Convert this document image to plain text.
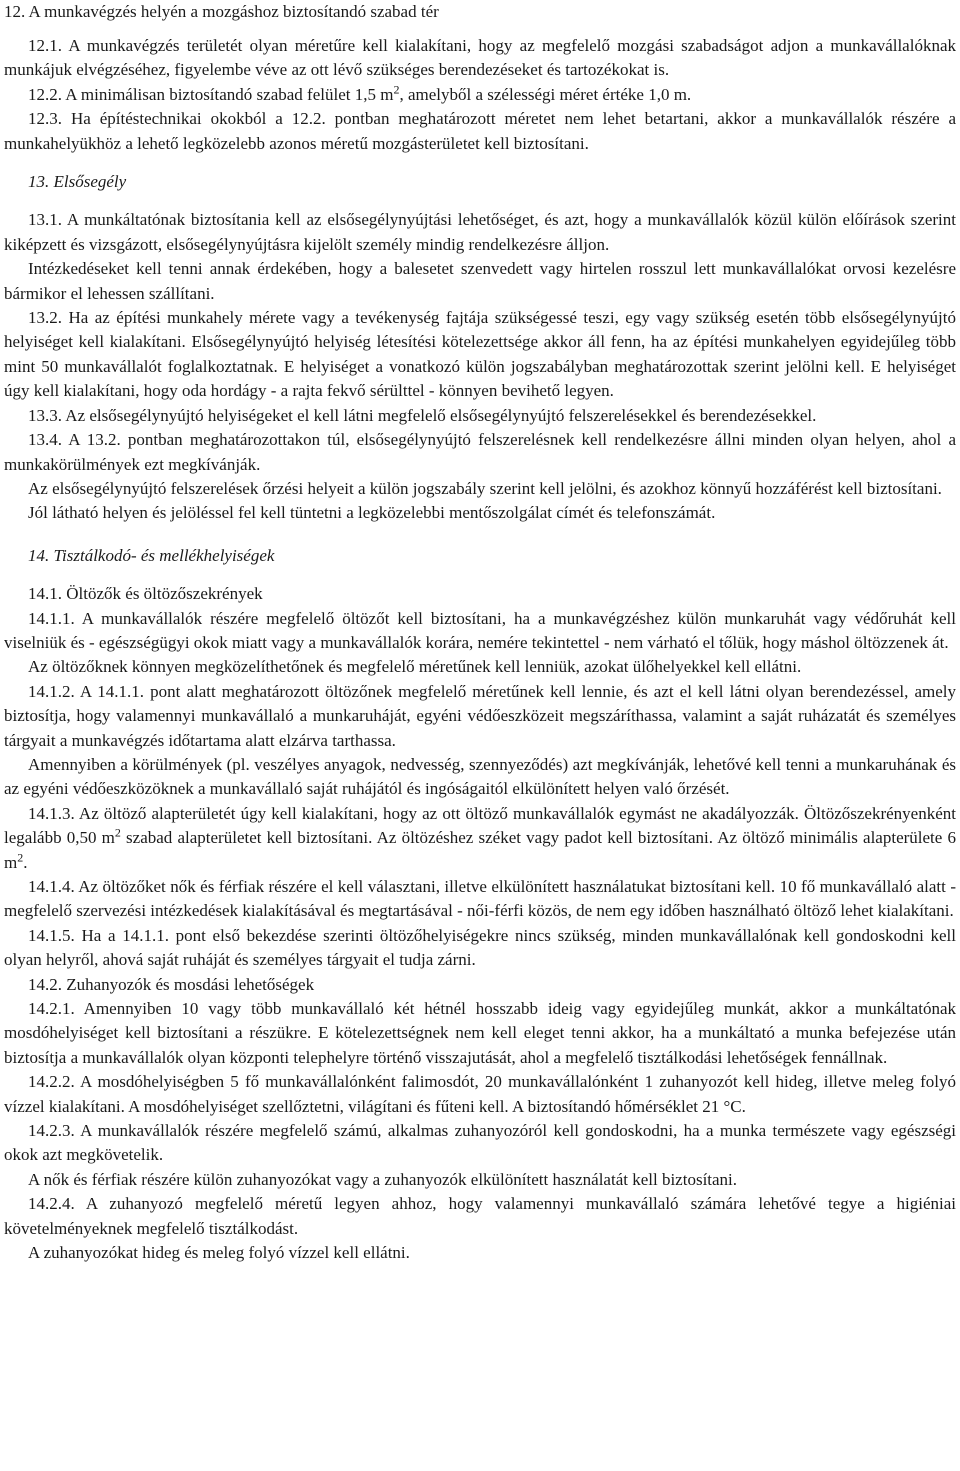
12. A munkavégzés helyén a mozgáshoz biztosítandó szabad tér

12.1. A munkavégzés területét olyan méretűre kell kialakítani, hogy az megfelelő mozgási szabadságot adjon a munkavállalóknak munkájuk elvégzéséhez, figyelembe véve az ott lévő szükséges berendezéseket és tartozékokat is.

12.2. A minimálisan biztosítandó szabad felület 1,5 $m^2$, amelyből a szélességi méret értéke 1,0 m.

12.3. Ha építéstechnikai okokból a 12.2. pontban meghatározott méretet nem lehet betartani, akkor a munkavállalók részére a munkahelyükhöz a lehető legközelebb azonos méretű mozgásterületet kell biztosítani.

13. Elsősegély

13.1. A munkáltatónak biztosítania kell az elsősegélynyújtási lehetőséget, és azt, hogy a munkavállalók közül külön előírások szerint kiképzett és vizsgázott, elsősegélynyújtásra kijelölt személy mindig rendelkezésre álljon.

Intézkedéseket kell tenni annak érdekében, hogy a balesetet szenvedett vagy hirtelen rosszul lett munkavállalókat orvosi kezelésre bármikor el lehessen szállítani.

13.2. Ha az építési munkahely mérete vagy a tevékenység fajtája szükségessé teszi, egy vagy szükség esetén több elsősegélynyújtó helyiséget kell kialakítani. Elsősegélynyújtó helyiség létesítési kötelezettsége akkor áll fenn, ha az építési munkahelyen egyidejűleg több mint 50 munkavállalót foglalkoztatnak. E helyiséget a vonatkozó külön jogszabályban meghatározottak szerint jelölni kell. E helyiséget úgy kell kialakítani, hogy oda hordágy - a rajta fekvő sérülttel - könnyen bevihető legyen.

13.3. Az elsősegélynyújtó helyiségeket el kell látni megfelelő elsősegélynyújtó felszerelésekkel és berendezésekkel.

13.4. A 13.2. pontban meghatározottakon túl, elsősegélynyújtó felszerelésnek kell rendelkezésre állni minden olyan helyen, ahol a munkakörülmények ezt megkívánják.

Az elsősegélynyújtó felszerelések őrzési helyeit a külön jogszabály szerint kell jelölni, és azokhoz könnyű hozzáférést kell biztosítani.

Jól látható helyen és jelöléssel fel kell tüntetni a legközelebbi mentőszolgálat címét és telefonszámát.

14. Tisztálkodó- és mellékhelyiségek

14.1. Öltözők és öltözőszekrények

14.1.1. A munkavállalók részére megfelelő öltözőt kell biztosítani, ha a munkavégzéshez külön munkaruhát vagy védőruhát kell viselniük és - egészségügyi okok miatt vagy a munkavállalók korára, nemére tekintettel - nem várható el tőlük, hogy máshol öltözzenek át.

Az öltözőknek könnyen megközelíthetőnek és megfelelő méretűnek kell lenniük, azokat ülőhelyekkel kell ellátni.

14.1.2. A 14.1.1. pont alatt meghatározott öltözőnek megfelelő méretűnek kell lennie, és azt el kell látni olyan berendezéssel, amely biztosítja, hogy valamennyi munkavállaló a munkaruháját, egyéni védőeszközeit megszáríthassa, valamint a saját ruházatát és személyes tárgyait a munkavégzés időtartama alatt elzárva tarthassa.

Amennyiben a körülmények (pl. veszélyes anyagok, nedvesség, szennyeződés) azt megkívánják, lehetővé kell tenni a munkaruhának és az egyéni védőeszközöknek a munkavállaló saját ruhájától és ingóságaitól elkülönített helyen való őrzését.

14.1.3. Az öltöző alapterületét úgy kell kialakítani, hogy az ott öltöző munkavállalók egymást ne akadályozzák. Öltözőszekrényenként legalább 0,50 $m^2$ szabad alapterületet kell biztosítani. Az öltözéshez széket vagy padot kell biztosítani. Az öltöző minimális alapterülete 6 $m^2$.

14.1.4. Az öltözőket nők és férfiak részére el kell választani, illetve elkülönített használatukat biztosítani kell. 10 fő munkavállaló alatt - megfelelő szervezési intézkedések kialakításával és megtartásával - női-férfi közös, de nem egy időben használható öltöző lehet kialakítani.

14.1.5. Ha a 14.1.1. pont első bekezdése szerinti öltözőhelyiségekre nincs szükség, minden munkavállalónak kell gondoskodni kell olyan helyről, ahová saját ruháját és személyes tárgyait el tudja zárni.

14.2. Zuhanyozók és mosdási lehetőségek

14.2.1. Amennyiben 10 vagy több munkavállaló két hétnél hosszabb ideig vagy egyidejűleg munkát, akkor a munkáltatónak mosdóhelyiséget kell biztosítani a részükre. E kötelezettségnek nem kell eleget tenni akkor, ha a munkáltató a munka befejezése után biztosítja a munkavállalók olyan központi telephelyre történő visszajutását, ahol a megfelelő tisztálkodási lehetőségek fennállnak.

14.2.2. A mosdóhelyiségben 5 fő munkavállalónként falimosdót, 20 munkavállalónként 1 zuhanyozót kell hideg, illetve meleg folyó vízzel kialakítani. A mosdóhelyiséget szellőztetni, világítani és fűteni kell. A biztosítandó hőmérséklet 21 °C.

14.2.3. A munkavállalók részére megfelelő számú, alkalmas zuhanyozóról kell gondoskodni, ha a munka természete vagy egészségi okok azt megkövetelik.

A nők és férfiak részére külön zuhanyozókat vagy a zuhanyozók elkülönített használatát kell biztosítani.

14.2.4. A zuhanyozó megfelelő méretű legyen ahhoz, hogy valamennyi munkavállaló számára lehetővé tegye a higiéniai követelményeknek megfelelő tisztálkodást.

A zuhanyozókat hideg és meleg folyó vízzel kell ellátni.
